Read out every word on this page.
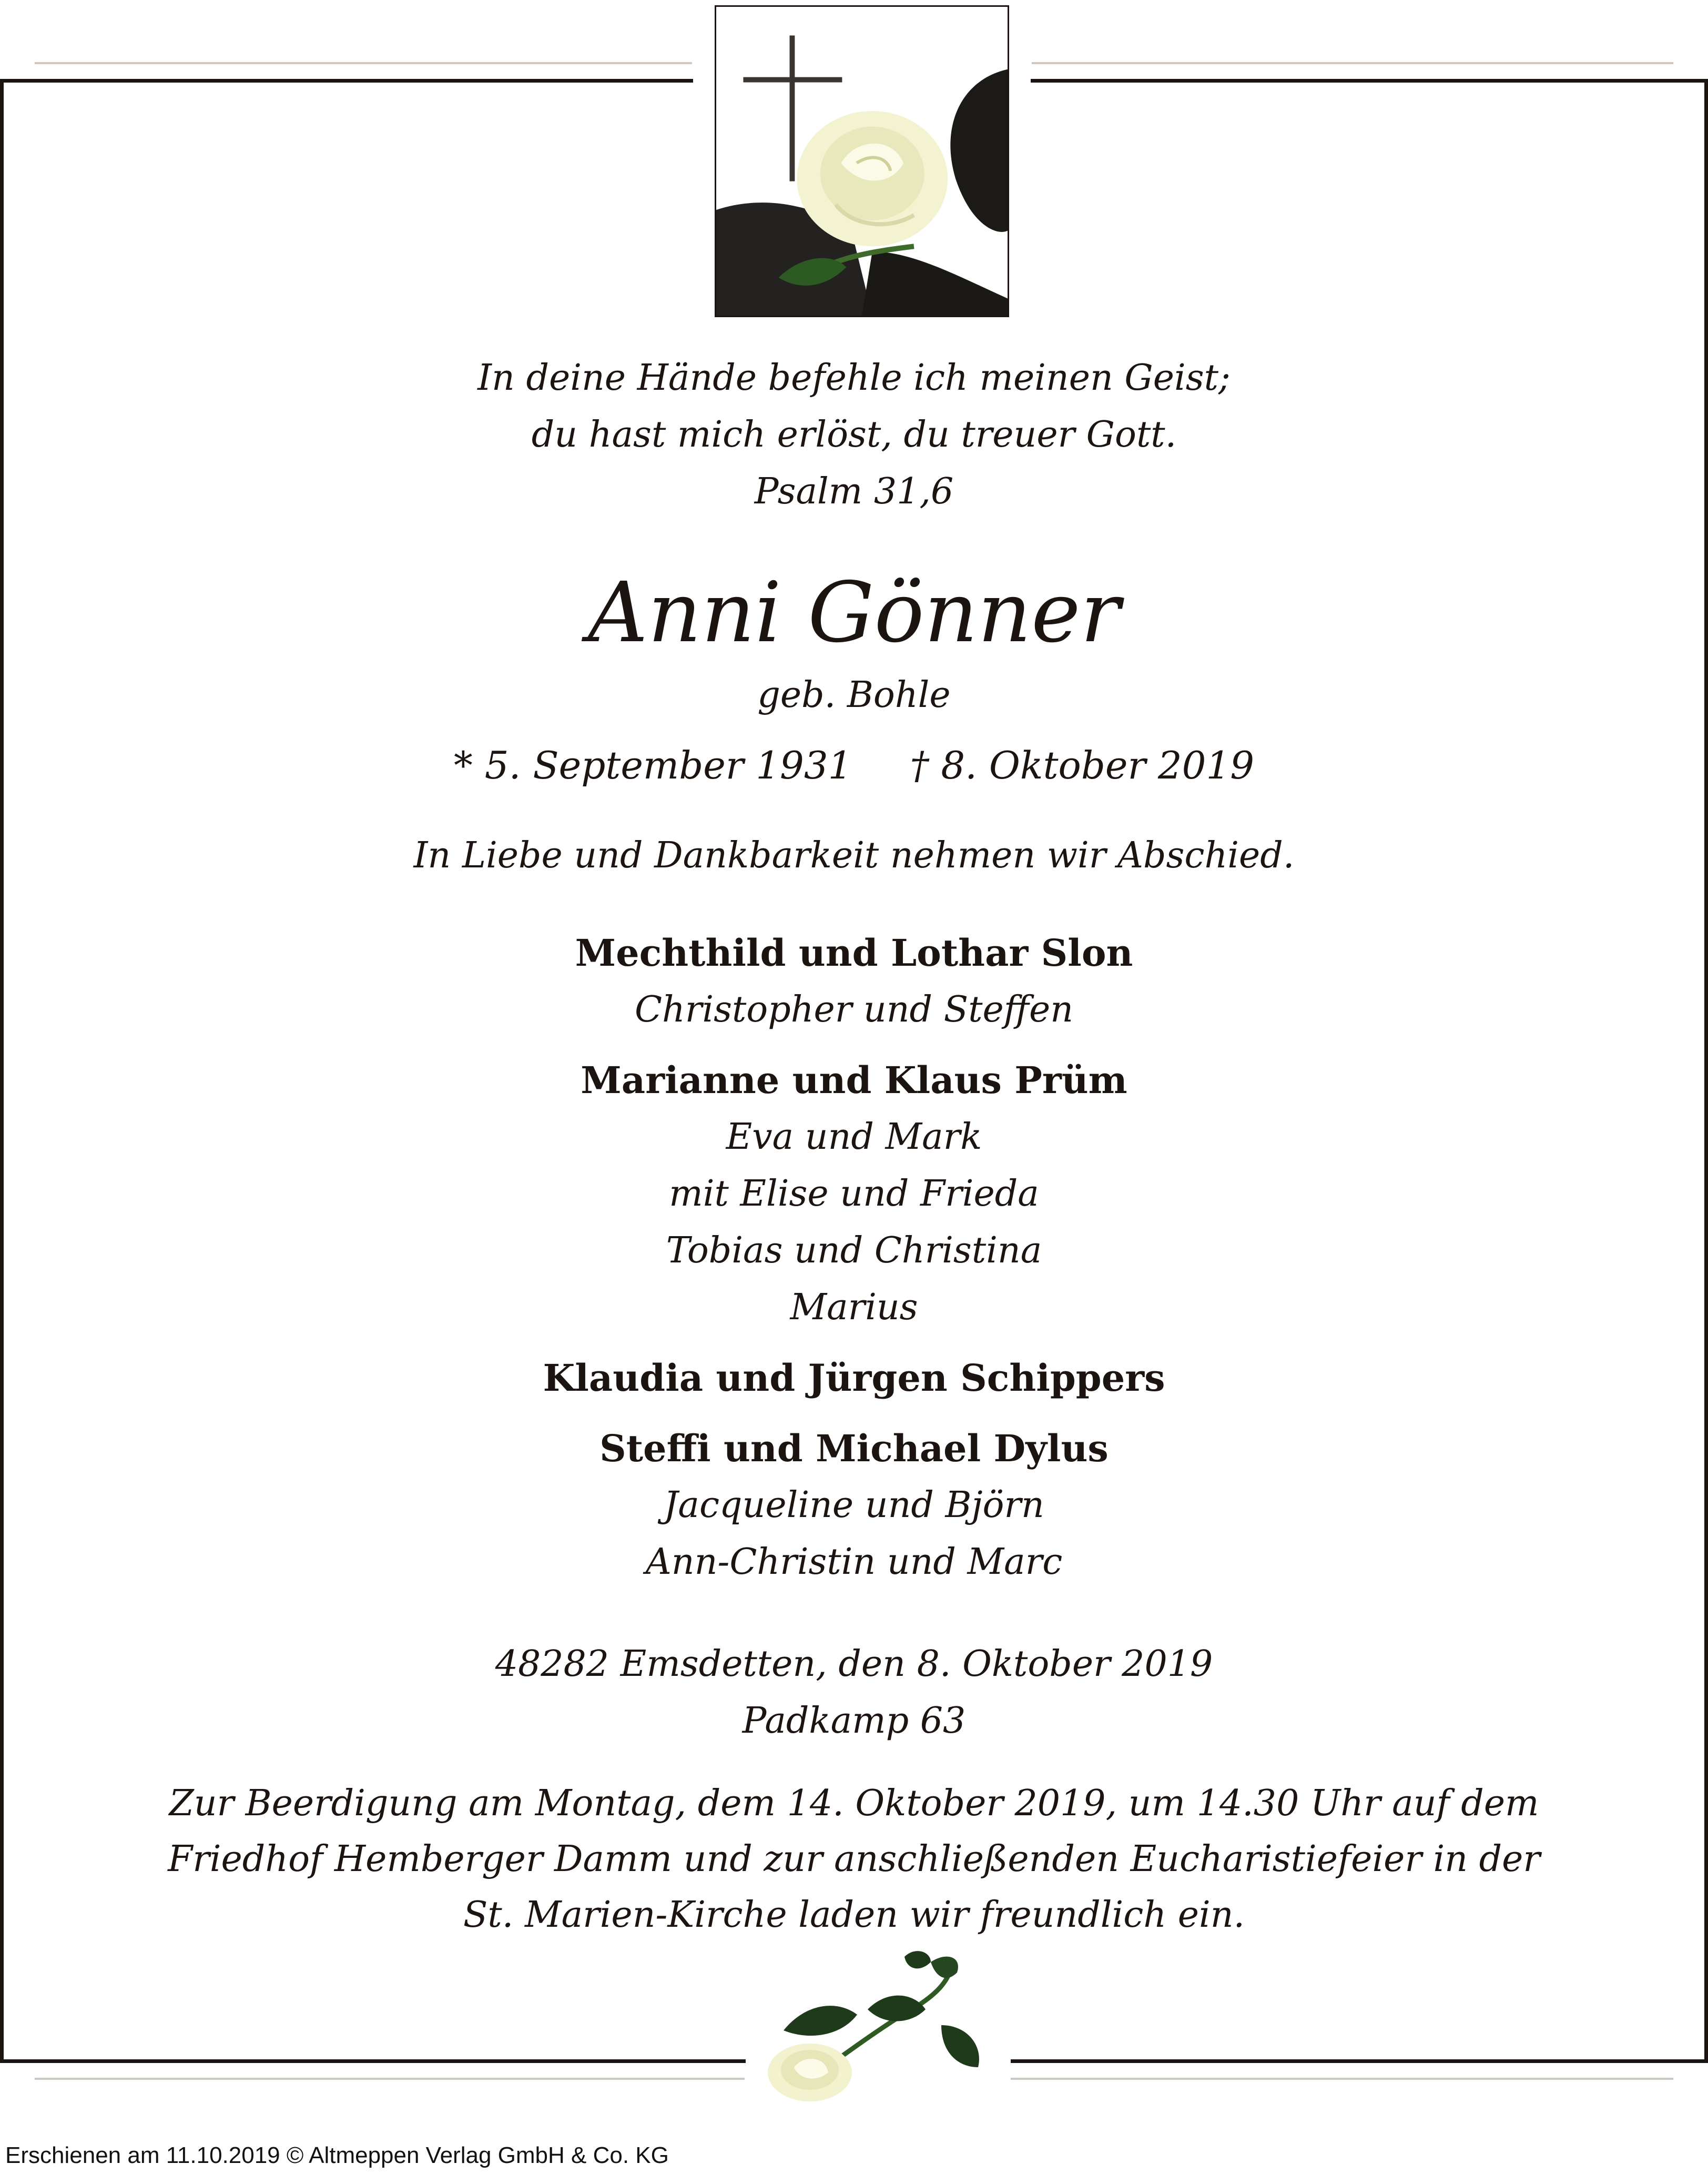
In deine Hände befehle ich meinen Geist;
du hast mich erlöst, du treuer Gott.
Psalm 31,6
Anni Gönner
geb. Bohle
* 5. September 1931 † 8. Oktober 2019
In Liebe und Dankbarkeit nehmen wir Abschied.
Mechthild und Lothar Slon
Christopher und Steffen
Marianne und Klaus Prüm
Eva und Mark
mit Elise und Frieda
Tobias und Christina
Marius
Klaudia und Jürgen Schippers
Steffi und Michael Dylus
Jacqueline und Björn
Ann-Christin und Marc
48282 Emsdetten, den 8. Oktober 2019
Padkamp 63
Zur Beerdigung am Montag, dem 14. Oktober 2019, um 14.30 Uhr auf dem
Friedhof Hemberger Damm und zur anschließenden Eucharistiefeier in der
St. Marien-Kirche laden wir freundlich ein.
Erschienen am 11.10.2019 © Altmeppen Verlag GmbH & Co. KG
